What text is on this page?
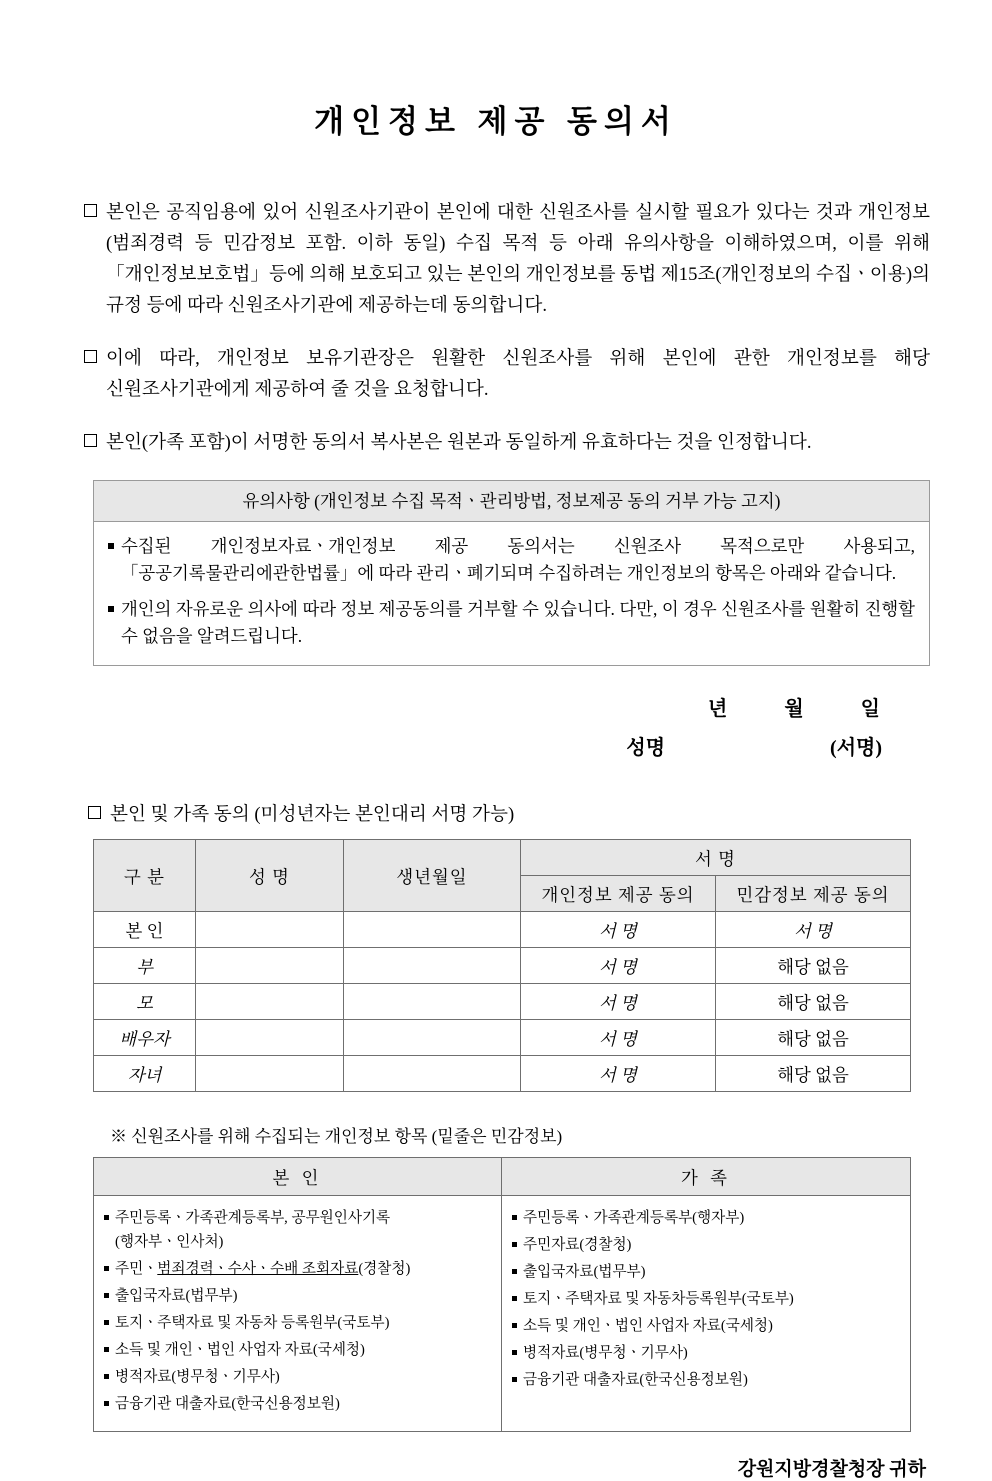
개인정보 제공 동의서
본인은 공직임용에 있어 신원조사기관이 본인에 대한 신원조사를 실시할 필요가 있다는 것과 개인정보(범죄경력 등 민감정보 포함. 이하 동일) 수집 목적 등 아래 유의사항을 이해하였으며, 이를 위해「개인정보보호법」등에 의해 보호되고 있는 본인의 개인정보를 동법 제15조(개인정보의 수집ㆍ이용)의 규정 등에 따라 신원조사기관에 제공하는데 동의합니다.
이에 따라, 개인정보 보유기관장은 원활한 신원조사를 위해 본인에 관한 개인정보를 해당 신원조사기관에게 제공하여 줄 것을 요청합니다.
본인(가족 포함)이 서명한 동의서 복사본은 원본과 동일하게 유효하다는 것을 인정합니다.
유의사항 (개인정보 수집 목적ㆍ관리방법, 정보제공 동의 거부 가능 고지)
수집된 개인정보자료ㆍ개인정보 제공 동의서는 신원조사 목적으로만 사용되고,「공공기록물관리에관한법률」에 따라 관리ㆍ폐기되며 수집하려는 개인정보의 항목은 아래와 같습니다.
개인의 자유로운 의사에 따라 정보 제공동의를 거부할 수 있습니다. 다만, 이 경우 신원조사를 원활히 진행할 수 없음을 알려드립니다.
년	월	일
성명	(서명)
본인 및 가족 동의 (미성년자는 본인대리 서명 가능)
구 분	성 명	생년월일	서 명	
			개인정보 제공 동의	민감정보 제공 동의
본 인			서 명	서 명
부			서 명	해당 없음
모			서 명	해당 없음
배우자			서 명	해당 없음
자녀			서 명	해당 없음
※ 신원조사를 위해 수집되는 개인정보 항목 (밑줄은 민감정보)
본 인	가 족

주민등록ㆍ가족관계등록부, 공무원인사기록(행자부ㆍ인사처)
주민ㆍ범죄경력ㆍ수사ㆍ수배 조회자료(경찰청)
출입국자료(법무부)
토지ㆍ주택자료 및 자동차 등록원부(국토부)
소득 및 개인ㆍ법인 사업자 자료(국세청)
병적자료(병무청ㆍ기무사)
금융기관 대출자료(한국신용정보원)

주민등록ㆍ가족관계등록부(행자부)
주민자료(경찰청)
출입국자료(법무부)
토지ㆍ주택자료 및 자동차등록원부(국토부)
소득 및 개인ㆍ법인 사업자 자료(국세청)
병적자료(병무청ㆍ기무사)
금융기관 대출자료(한국신용정보원)
강원지방경찰청장 귀하
